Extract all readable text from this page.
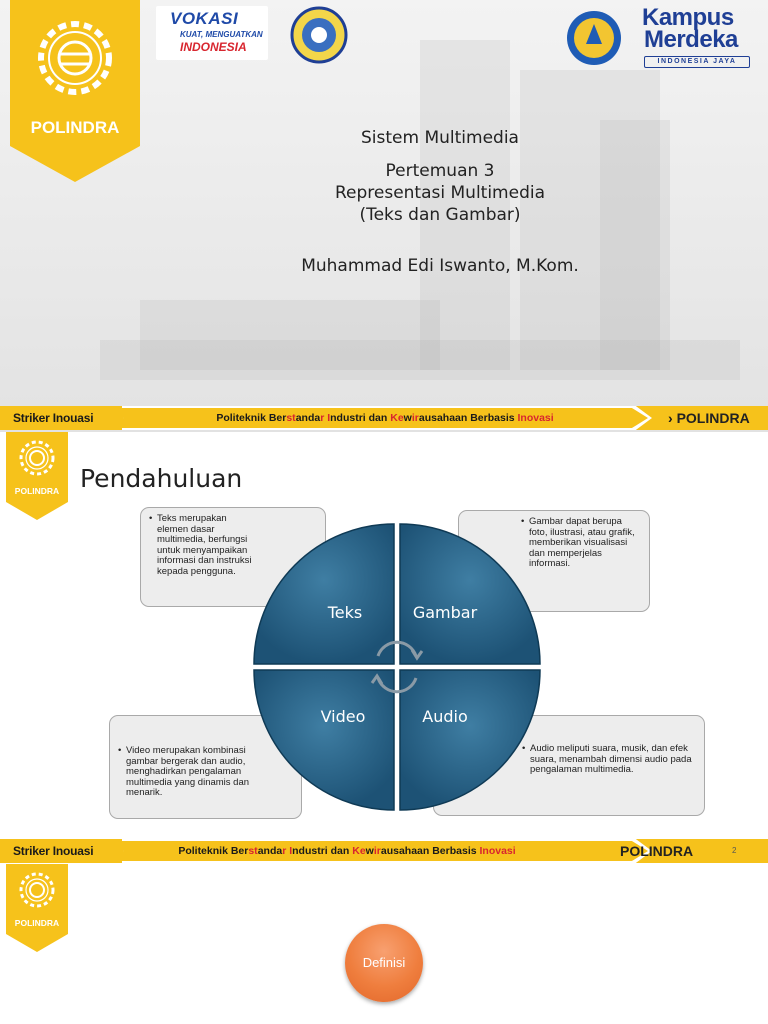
POLINDRA
VOKASI
KUAT, MENGUATKAN
INDONESIA
Kampus
Merdeka
INDONESIA JAYA
Sistem Multimedia
Pertemuan 3
Representasi Multimedia
(Teks dan Gambar)
Muhammad Edi Iswanto, M.Kom.
Striker Inouasi	Politeknik Berstandar Industri dan Kewirausahaan Berbasis Inovasi	› POLINDRA
POLINDRA Pendahuluan
• Teks merupakan elemen dasar multimedia, berfungsi untuk menyampaikan informasi dan instruksi kepada pengguna.
• Gambar dapat berupa foto, ilustrasi, atau grafik, memberikan visualisasi dan memperjelas informasi.
• Video merupakan kombinasi gambar bergerak dan audio, menghadirkan pengalaman multimedia yang dinamis dan menarik.
• Audio meliputi suara, musik, dan efek suara, menambah dimensi audio pada pengalaman multimedia.
Teks	Gambar
Video	Audio
Striker Inouasi	Politeknik Berstandar Industri dan Kewirausahaan Berbasis Inovasi	POLINDRA	2
POLINDRA
Definisi
